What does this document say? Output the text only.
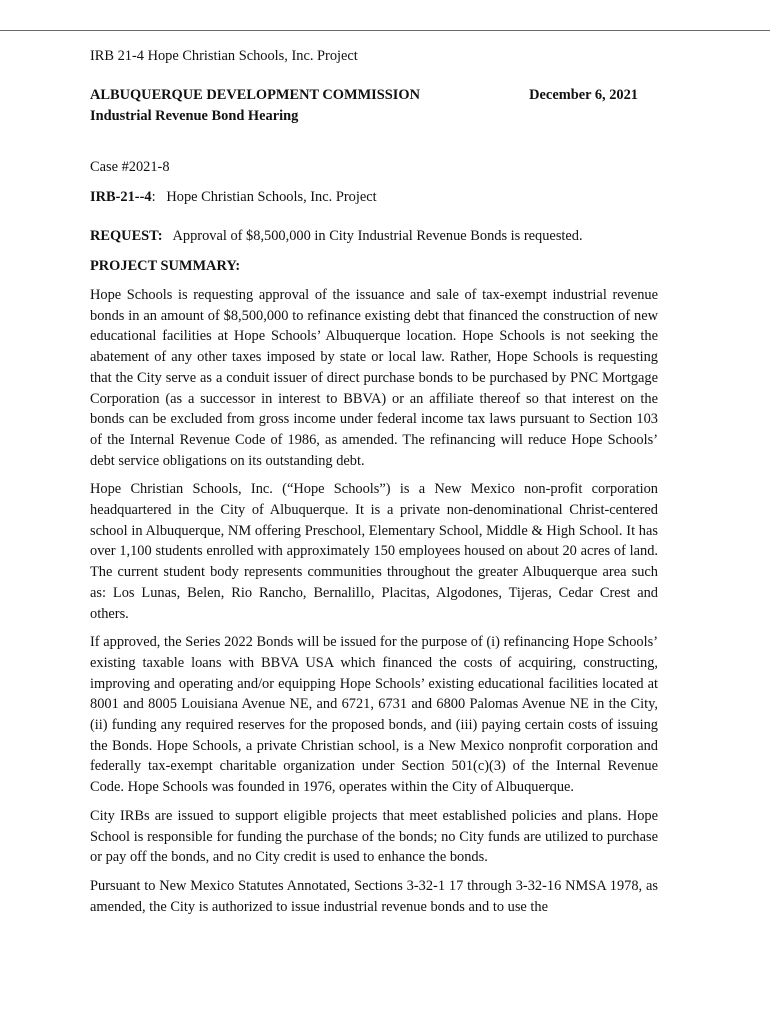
IRB 21-4 Hope Christian Schools, Inc. Project
ALBUQUERQUE DEVELOPMENT COMMISSION
Industrial Revenue Bond Hearing
December 6, 2021
Case #2021-8
IRB-21--4:   Hope Christian Schools, Inc. Project
REQUEST: Approval of $8,500,000 in City Industrial Revenue Bonds is requested.
PROJECT SUMMARY:

Hope Schools is requesting approval of the issuance and sale of tax-exempt industrial revenue bonds in an amount of $8,500,000 to refinance existing debt that financed the construction of new educational facilities at Hope Schools’ Albuquerque location. Hope Schools is not seeking the abatement of any other taxes imposed by state or local law. Rather, Hope Schools is requesting that the City serve as a conduit issuer of direct purchase bonds to be purchased by PNC Mortgage Corporation (as a successor in interest to BBVA) or an affiliate thereof so that interest on the bonds can be excluded from gross income under federal income tax laws pursuant to Section 103 of the Internal Revenue Code of 1986, as amended. The refinancing will reduce Hope Schools’ debt service obligations on its outstanding debt.

Hope Christian Schools, Inc. (“Hope Schools”) is a New Mexico non-profit corporation headquartered in the City of Albuquerque. It is a private non-denominational Christ-centered school in Albuquerque, NM offering Preschool, Elementary School, Middle & High School. It has over 1,100 students enrolled with approximately 150 employees housed on about 20 acres of land. The current student body represents communities throughout the greater Albuquerque area such as: Los Lunas, Belen, Rio Rancho, Bernalillo, Placitas, Algodones, Tijeras, Cedar Crest and others.

If approved, the Series 2022 Bonds will be issued for the purpose of (i) refinancing Hope Schools’ existing taxable loans with BBVA USA which financed the costs of acquiring, constructing, improving and operating and/or equipping Hope Schools’ existing educational facilities located at 8001 and 8005 Louisiana Avenue NE, and 6721, 6731 and 6800 Palomas Avenue NE in the City, (ii) funding any required reserves for the proposed bonds, and (iii) paying certain costs of issuing the Bonds. Hope Schools, a private Christian school, is a New Mexico nonprofit corporation and federally tax-exempt charitable organization under Section 501(c)(3) of the Internal Revenue Code. Hope Schools was founded in 1976, operates within the City of Albuquerque.

City IRBs are issued to support eligible projects that meet established policies and plans. Hope School is responsible for funding the purchase of the bonds; no City funds are utilized to purchase or pay off the bonds, and no City credit is used to enhance the bonds.

Pursuant to New Mexico Statutes Annotated, Sections 3-32-1 17 through 3-32-16 NMSA 1978, as amended, the City is authorized to issue industrial revenue bonds and to use the
